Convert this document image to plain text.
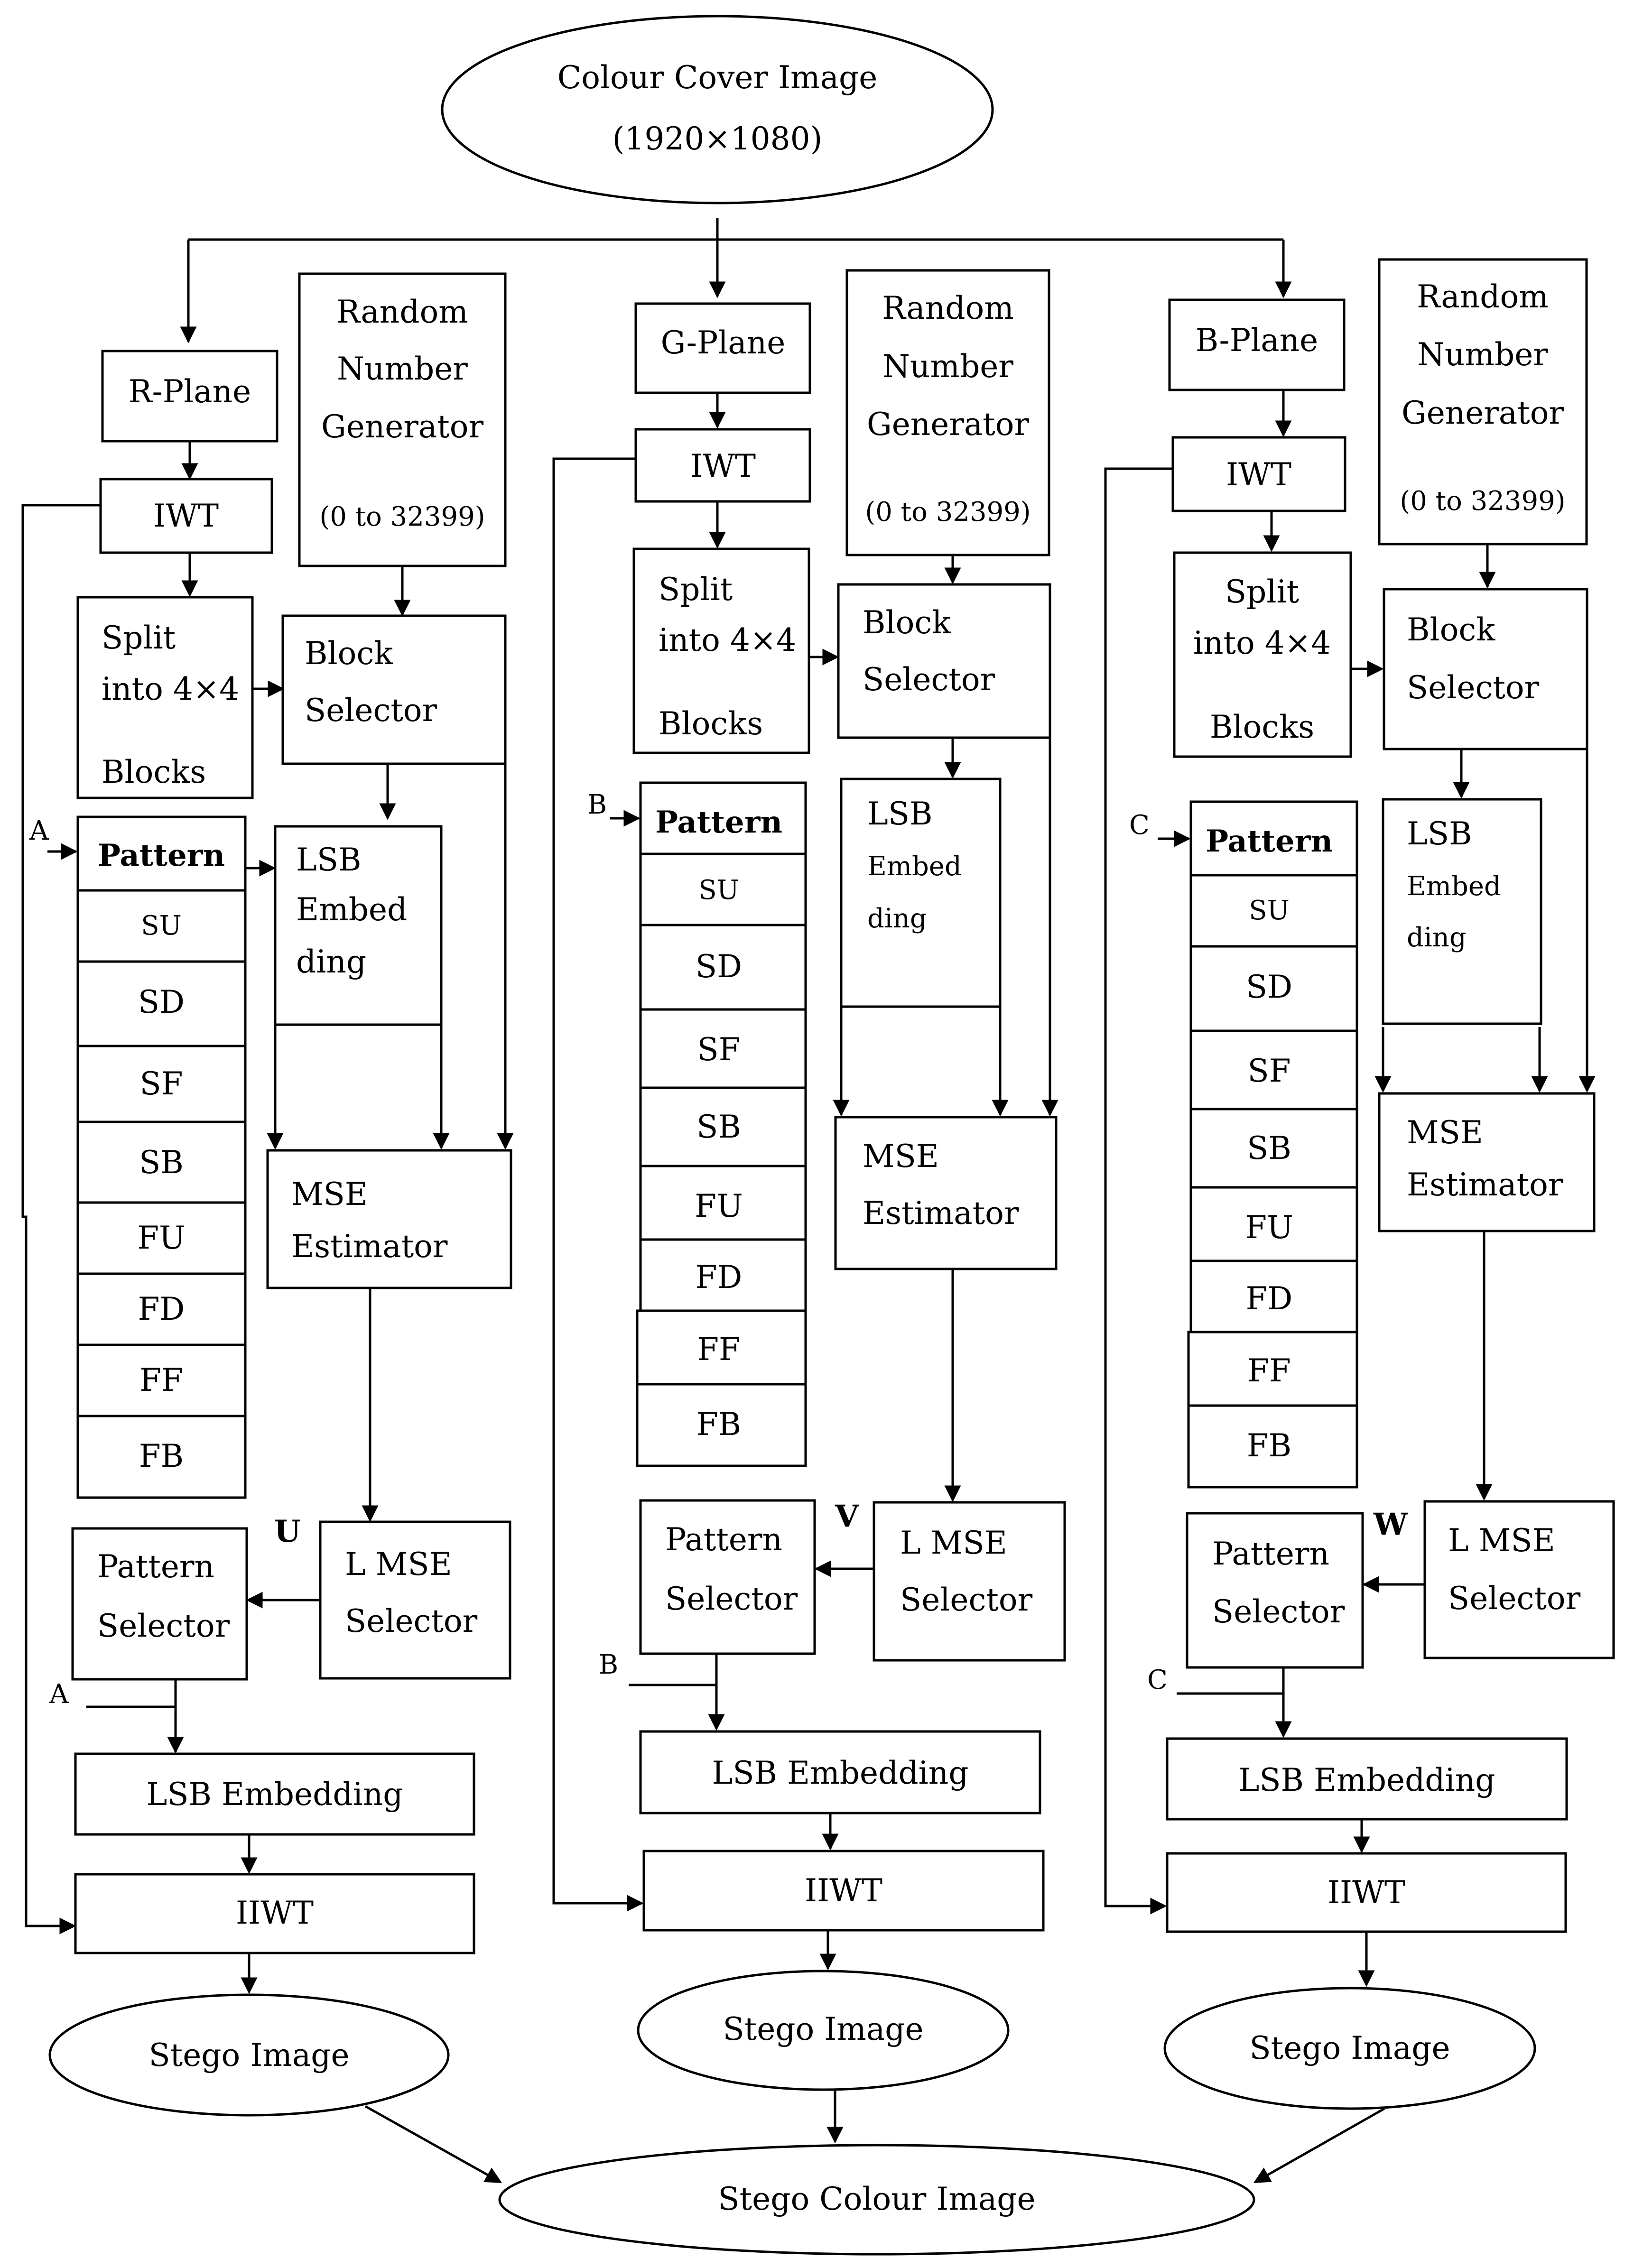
Colour Cover Image
(1920×1080)
R-Plane
Random
Number
Generator
(0 to 32399)
IWT
Split
into 4×4
Blocks
Block
Selector
Pattern
SU
SD
SF
SB
FU
FD
FF
FB
A
LSB
Embed
ding
MSE
Estimator
U
L MSE
Selector
Pattern
Selector
A
LSB Embedding
IIWT
Stego Image
G-Plane
Random
Number
Generator
(0 to 32399)
IWT
Split
into 4×4
Blocks
Block
Selector
Pattern
SU
SD
SF
SB
FU
FD
FF
FB
B	LSB
Embed
ding
MSE
Estimator
V
L MSE
Selector
Pattern
Selector
B
LSB Embedding
IIWT
Stego Image
B-Plane
Random
Number
Generator
(0 to 32399)
IWT
Split
into 4×4
Blocks
Block
Selector
Pattern
SU
SD
SF
SB
FU
FD
FF
FB
C	LSB
Embed
ding
MSE
Estimator
W L MSE
Selector
Pattern
Selector
C
LSB Embedding
IIWT
Stego Image
Stego Colour Image
